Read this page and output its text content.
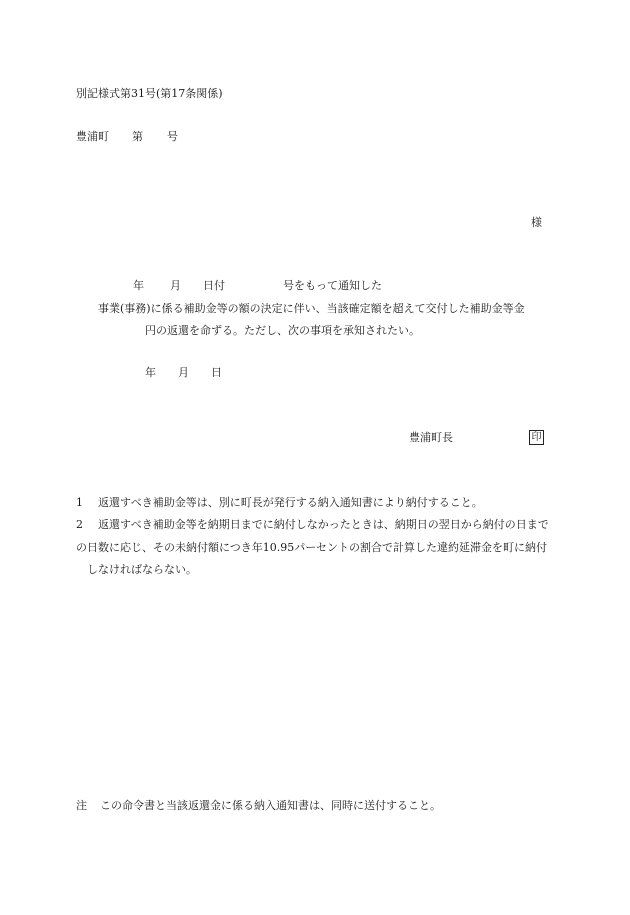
別記様式第31号(第17条関係)
豊浦町 第 号
様
年 月 日付	号をもって通知した
事業(事務)に係る補助金等の額の決定に伴い、当該確定額を超えて交付した補助金等金
円の返還を命ずる。ただし、次の事項を承知されたい。
年 月 日
豊浦町長	印
1 返還すべき補助金等は、別に町長が発行する納入通知書により納付すること。
2 返還すべき補助金等を納期日までに納付しなかったときは、納期日の翌日から納付の日まで
の日数に応じ、その未納付額につき年10.95パーセントの割合で計算した違約延滞金を町に納付
しなければならない。
注 この命令書と当該返還金に係る納入通知書は、同時に送付すること。
